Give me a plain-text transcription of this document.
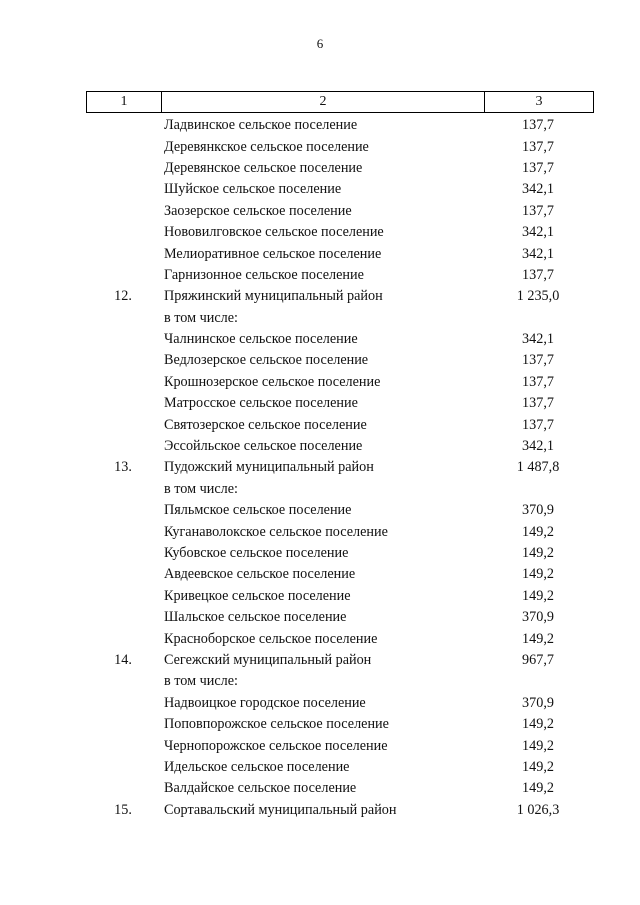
6
1	2	3
Ладвинское сельское поселение	137,7
Деревянкское сельское поселение	137,7
Деревянское сельское поселение	137,7
Шуйское сельское поселение	342,1
Заозерское сельское поселение	137,7
Нововилговское сельское поселение	342,1
Мелиоративное сельское поселение	342,1
Гарнизонное сельское поселение	137,7
12.	Пряжинский муниципальный район	1 235,0
в том числе:
Чалнинское сельское поселение	342,1
Ведлозерское сельское поселение	137,7
Крошнозерское сельское поселение	137,7
Матросское сельское поселение	137,7
Святозерское сельское поселение	137,7
Эссойльское сельское поселение	342,1
13.	Пудожский муниципальный район	1 487,8
в том числе:
Пяльмское сельское поселение	370,9
Куганаволокское сельское поселение	149,2
Кубовское сельское поселение	149,2
Авдеевское сельское поселение	149,2
Кривецкое сельское поселение	149,2
Шальское сельское поселение	370,9
Красноборское сельское поселение	149,2
14.	Сегежский муниципальный район	967,7
в том числе:
Надвоицкое городское поселение	370,9
Поповпорожское сельское поселение	149,2
Чернопорожское сельское поселение	149,2
Идельское сельское поселение	149,2
Валдайское сельское поселение	149,2
15.	Сортавальский муниципальный район	1 026,3
